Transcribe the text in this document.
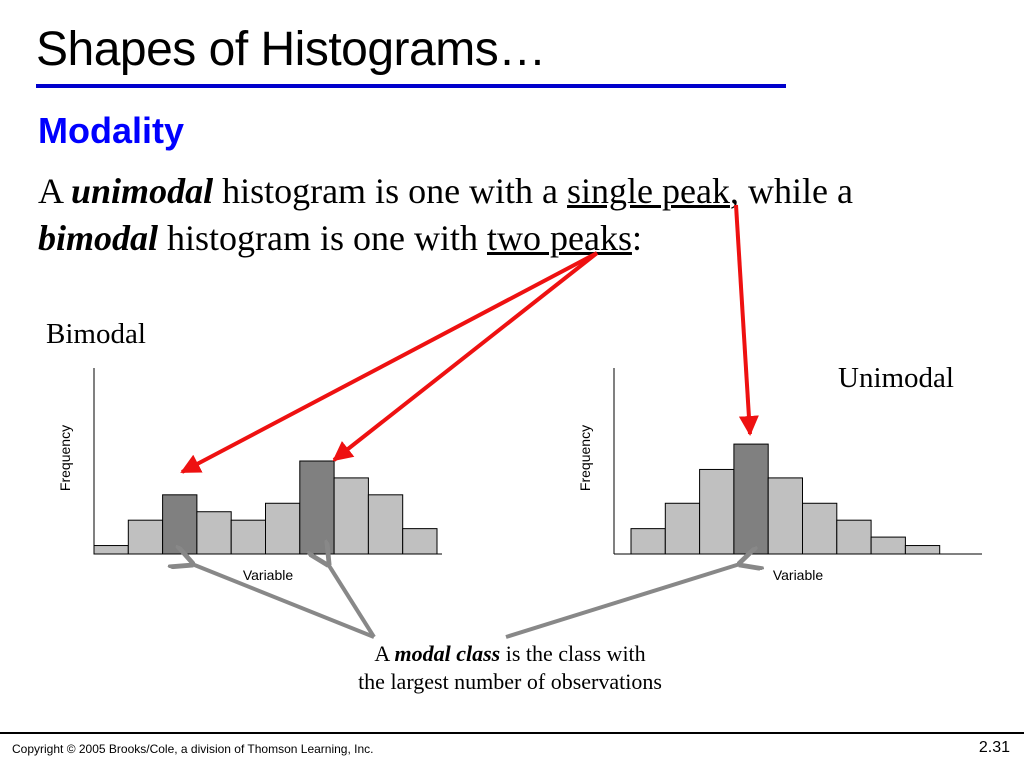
Shapes of Histograms…
Modality
A unimodal histogram is one with a single peak, while a
bimodal histogram is one with two peaks:
Bimodal
Unimodal
Variable
Frequency
Variable
Frequency
A modal class is the class with
the largest number of observations
Copyright © 2005 Brooks/Cole, a division of Thomson Learning, Inc.	2.31
